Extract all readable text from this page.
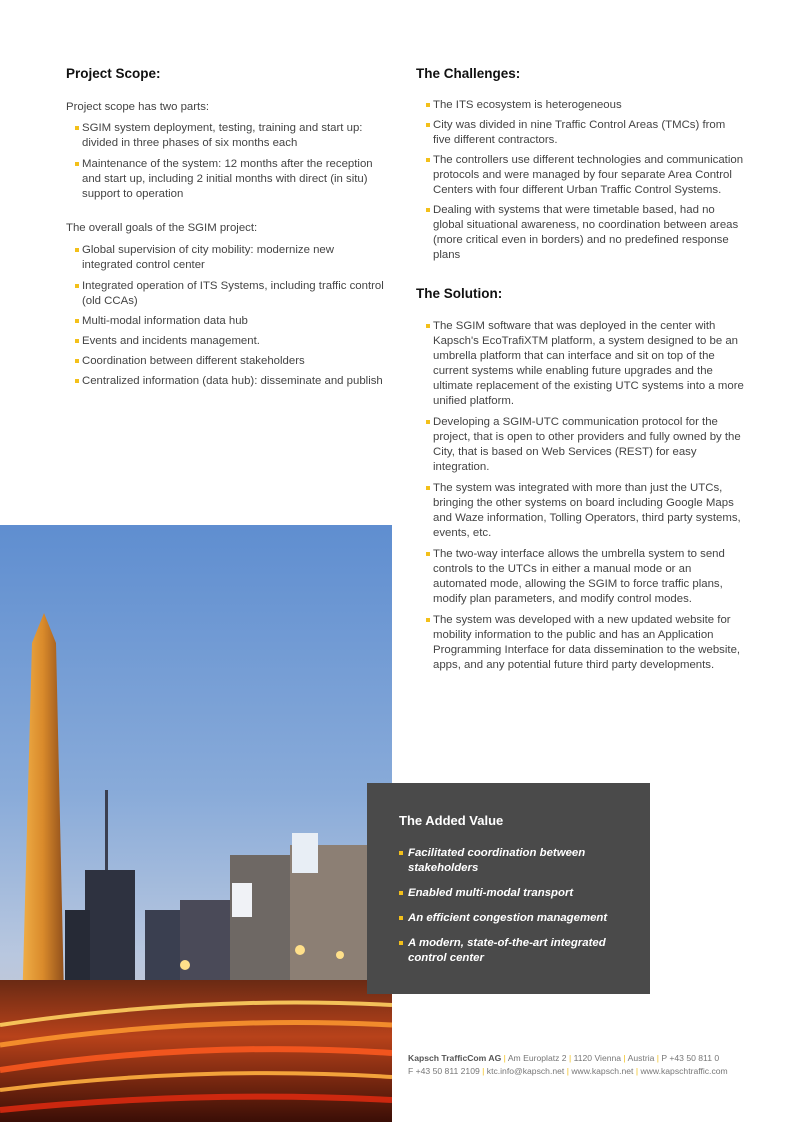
Project Scope:

Project scope has two parts:

SGIM system deployment, testing, training and start up: divided in three phases of six months each
Maintenance of the system: 12 months after the reception and start up, including 2 initial months with direct (in situ) support to operation

The overall goals of the SGIM project:

Global supervision of city mobility: modernize new integrated control center
Integrated operation of ITS Systems, including traffic control (old CCAs)
Multi-modal information data hub
Events and incidents management.
Coordination between different stakeholders
Centralized information (data hub): disseminate and publish
The Challenges:
The ITS ecosystem is heterogeneous
City was divided in nine Traffic Control Areas (TMCs) from five different contractors.
The controllers use different technologies and communication protocols and were managed by four separate Area Control Centers with four different Urban Traffic Control Systems.
Dealing with systems that were timetable based, had no global situational awareness, no coordination between areas (more critical even in borders) and no predefined response plans
The Solution:
The SGIM software that was deployed in the center with Kapsch's EcoTrafiXTM platform, a system designed to be an umbrella platform that can interface and sit on top of the current systems while enabling future upgrades and the ultimate replacement of the existing UTC systems into a more unified platform.
Developing a SGIM-UTC communication protocol for the project, that is open to other providers and fully owned by the City, that is based on Web Services (REST) for easy integration.
The system was integrated with more than just the UTCs, bringing the other systems on board including Google Maps and Waze information, Tolling Operators, third party systems, events, etc.
The two-way interface allows the umbrella system to send controls to the UTCs in either a manual mode or an automated mode, allowing the SGIM to force traffic plans, modify plan parameters, and modify control modes.
The system was developed with a new updated website for mobility information to the public and has an Application Programming Interface for data dissemination to the website, apps, and any potential future third party developments.
The Added Value
Facilitated coordination between stakeholders
Enabled multi-modal transport
An efficient congestion management
A modern, state-of-the-art integrated control center
Kapsch TrafficCom AG | Am Europlatz 2 | 1120 Vienna | Austria | P +43 50 811 0
F +43 50 811 2109 | ktc.info@kapsch.net | www.kapsch.net | www.kapschtraffic.com
